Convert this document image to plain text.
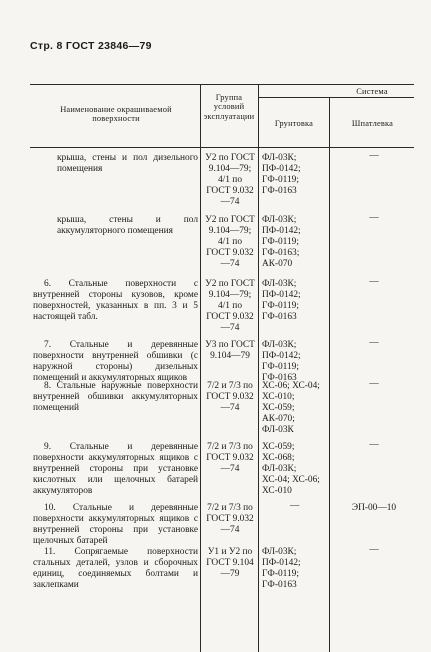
Стр. 8 ГОСТ 23846—79
Наименование окрашиваемой поверхности
Группа условий эксплуатации
Система
Грунтовка	Шпатлевка
крыша, стены и пол дизельного помещения
У2 по ГОСТ 9.104—79; 4/1 по ГОСТ 9.032—74
ФЛ-03К; ПФ-0142; ГФ-0119; ГФ-0163
—
крыша, стены и пол аккумуляторного помещения
У2 по ГОСТ 9.104—79; 4/1 по ГОСТ 9.032—74
ФЛ-03К; ПФ-0142; ГФ-0119; ГФ-0163; АК-070
—
6. Стальные поверхности с внутренней стороны кузовов, кроме поверхностей, указанных в пп. 3 и 5 настоящей табл.
У2 по ГОСТ 9.104—79; 4/1 по ГОСТ 9.032—74
ФЛ-03К; ПФ-0142; ГФ-0119; ГФ-0163
—
7. Стальные и деревянные поверхности внутренней обшивки (с наружной стороны) дизельных помещений и аккумуляторных ящиков
У3 по ГОСТ 9.104—79
ФЛ-03К; ПФ-0142; ГФ-0119; ГФ-0163
—
8. Стальные наружные поверхности внутренней обшивки аккумуляторных помещений
7/2 и 7/3 по ГОСТ 9.032—74
ХС-06; ХС-04; ХС-010; ХС-059; АК-070; ФЛ-03К
—
9. Стальные и деревянные поверхности аккумуляторных ящиков с внутренней стороны при установке кислотных или щелочных батарей аккумуляторов
7/2 и 7/3 по ГОСТ 9.032—74
ХС-059; ХС-068; ФЛ-03К; ХС-04; ХС-06; ХС-010
—
10. Стальные и деревянные поверхности аккумуляторных ящиков с внутренней стороны при установке щелочных батарей
7/2 и 7/3 по ГОСТ 9.032—74
—	ЭП-00—10
11. Сопрягаемые поверхности стальных деталей, узлов и сборочных единиц, соединяемых болтами и заклепками
У1 и У2 по ГОСТ 9.104—79
ФЛ-03К; ПФ-0142; ГФ-0119; ГФ-0163
—
